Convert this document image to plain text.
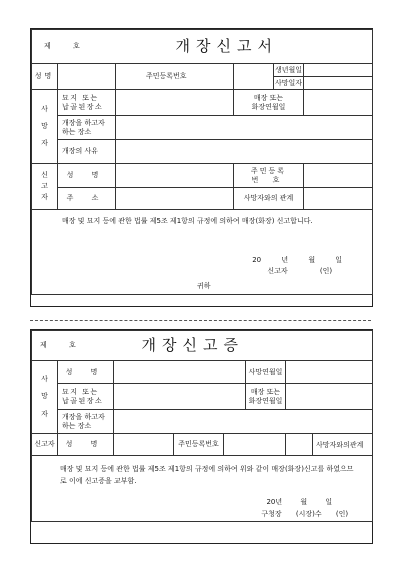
제 호			개장신고서			
성명		주민등록번호			생년월일	
					사망일자	
사
망
자	묘지 또는
납골된장소			매장 또는
화장연월일		
	개장을 하고자
하는 장소					
	개장의 사유					
신
고
자	성 명			주민등록
번 호		
	주 소			사망자와의 관계		

매장 및 묘지 등에 관한 법률 제5조 제1항의 규정에 의하여 매장(화장) 신고합니다.
20 년 월 일
신고자 (인)
귀하						
제 호		개장신고증				
사
망
자	성 명				사망연월일	
	묘지 또는
납골된장소				매장 또는
화장연월일	
	개장을 하고자
하는 장소					
신고자	성 명		주민등록번호			사망자와의관계

매장 및 묘지 등에 관한 법률 제5조 제1항의 규정에 의하여 위와 같이 매장(화장)신고를 하였으므로 이에 신고증을 교부함.
20년 월 일
구청장 (시장)수 (인)						
